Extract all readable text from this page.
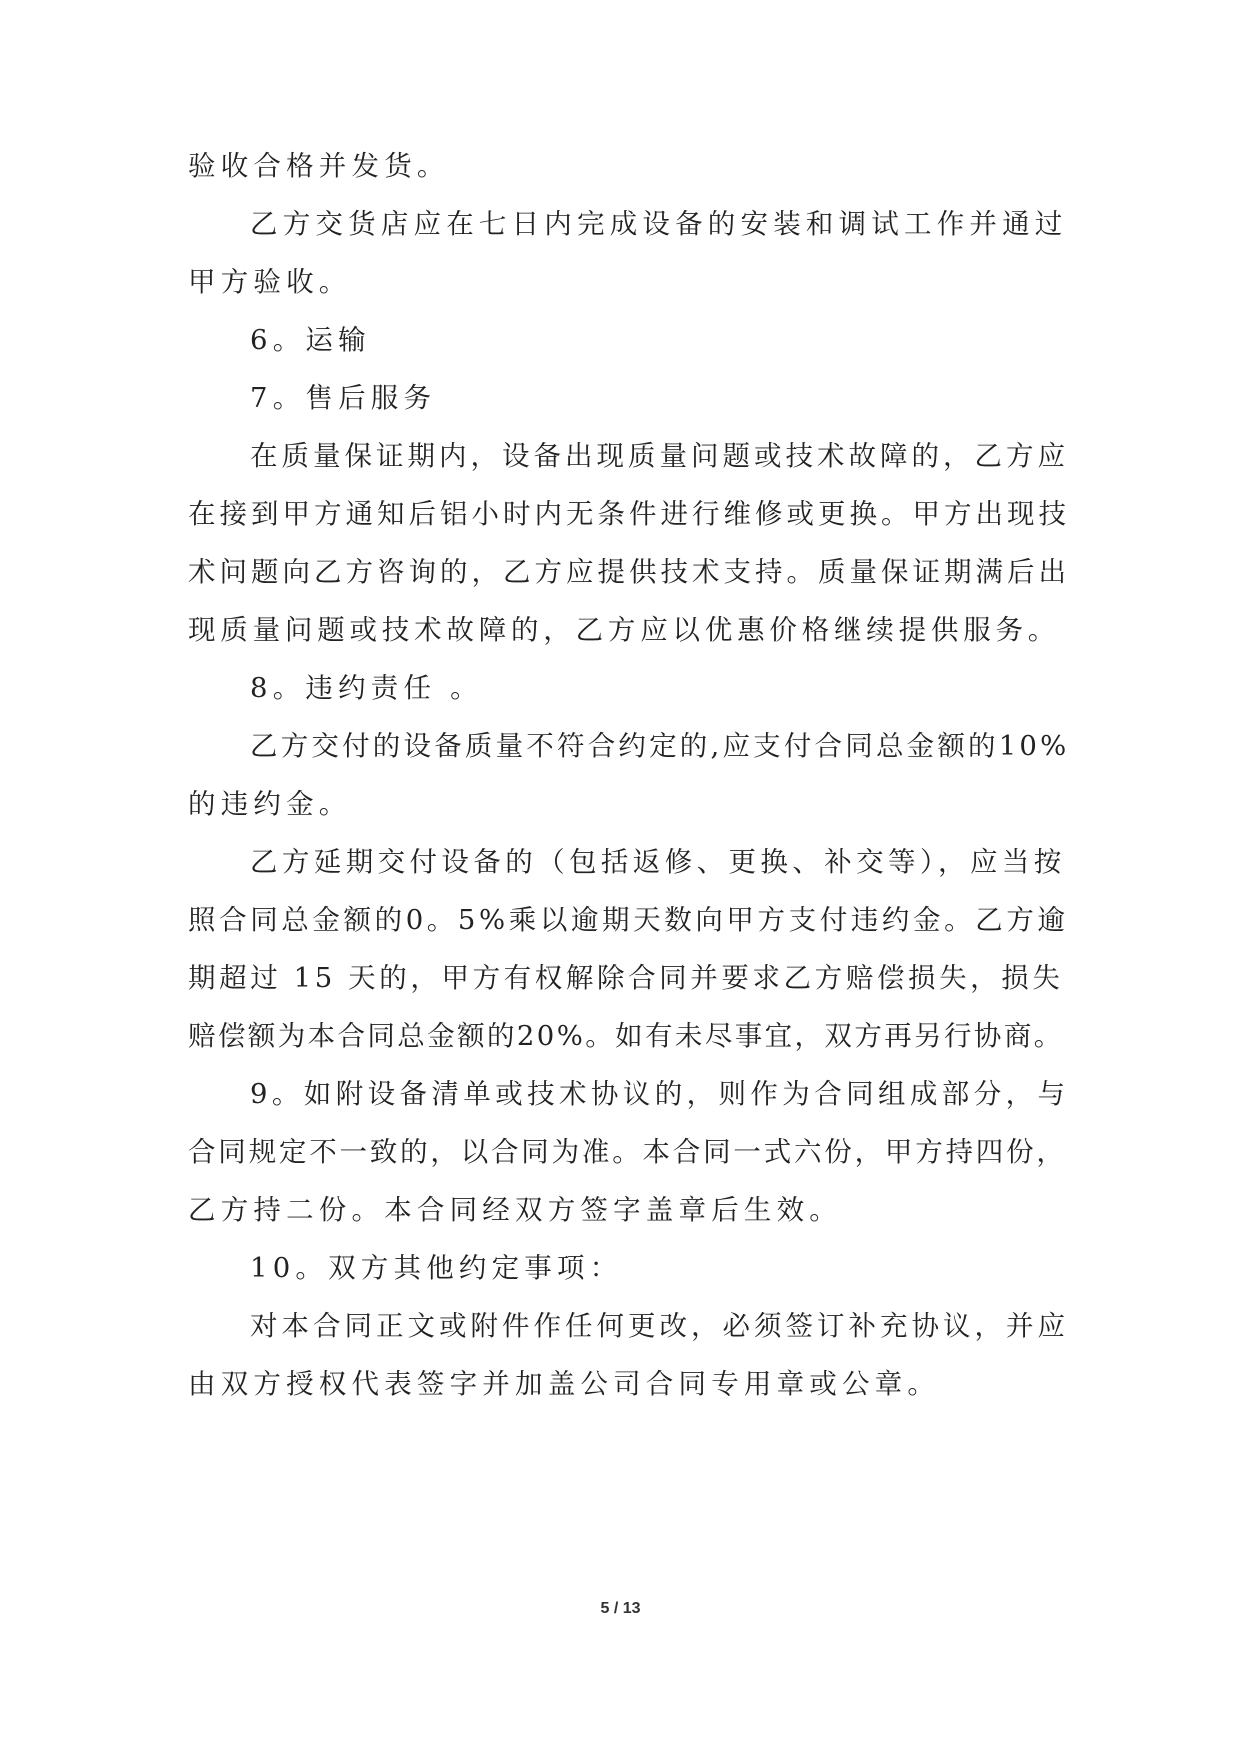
验收合格并发货。
乙方交货店应在七日内完成设备的安装和调试工作并通过
甲方验收。
6。运输
7。售后服务
在质量保证期内，设备出现质量问题或技术故障的，乙方应
在接到甲方通知后铝小时内无条件进行维修或更换。甲方出现技
术问题向乙方咨询的，乙方应提供技术支持。质量保证期满后出
现质量问题或技术故障的，乙方应以优惠价格继续提供服务。
8。违约责任 。
乙方交付的设备质量不符合约定的,应支付合同总金额的10%
的违约金。
乙方延期交付设备的（包括返修、更换、补交等），应当按
照合同总金额的0。5%乘以逾期天数向甲方支付违约金。乙方逾
期超过 15 天的，甲方有权解除合同并要求乙方赔偿损失，损失
赔偿额为本合同总金额的20%。如有未尽事宜，双方再另行协商。
9。如附设备清单或技术协议的，则作为合同组成部分，与
合同规定不一致的，以合同为准。本合同一式六份，甲方持四份，
乙方持二份。本合同经双方签字盖章后生效。
10。双方其他约定事项：
对本合同正文或附件作任何更改，必须签订补充协议，并应
由双方授权代表签字并加盖公司合同专用章或公章。
5 / 13
